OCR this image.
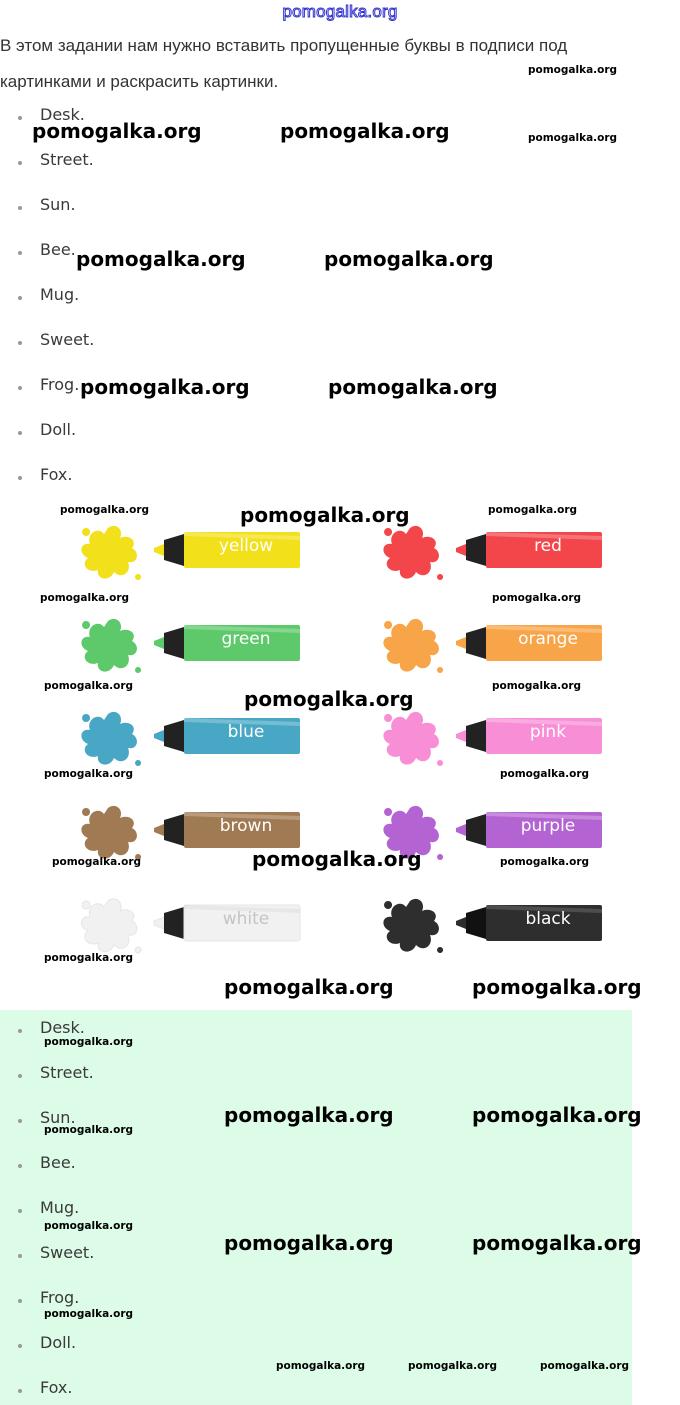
pomogalka.org

В этом задании нам нужно вставить пропущенные буквы в подписи под картинками и раскрасить картинки.

Desk.
Street.
Sun.
Bee.
Mug.
Sweet.
Frog.
Doll.
Fox.
yellow	red
green	orange
blue	pink
brown	purple
white	black
Desk.
Street.
Sun.
Bee.
Mug.
Sweet.
Frog.
Doll.
Fox.
pomogalka.org
pomogalka.org	pomogalka.org	pomogalka.org
pomogalka.org	pomogalka.org
pomogalka.org	pomogalka.org
pomogalka.org	pomogalka.org	pomogalka.org
pomogalka.org	pomogalka.org
pomogalka.org
pomogalka.org
pomogalka.org
pomogalka.org	pomogalka.org
pomogalka.org	pomogalka.org	pomogalka.org
pomogalka.org
pomogalka.org	pomogalka.org
pomogalka.org
pomogalka.org	pomogalka.org
pomogalka.org
pomogalka.org
pomogalka.org	pomogalka.org
pomogalka.org
pomogalka.org	pomogalka.org	pomogalka.org
